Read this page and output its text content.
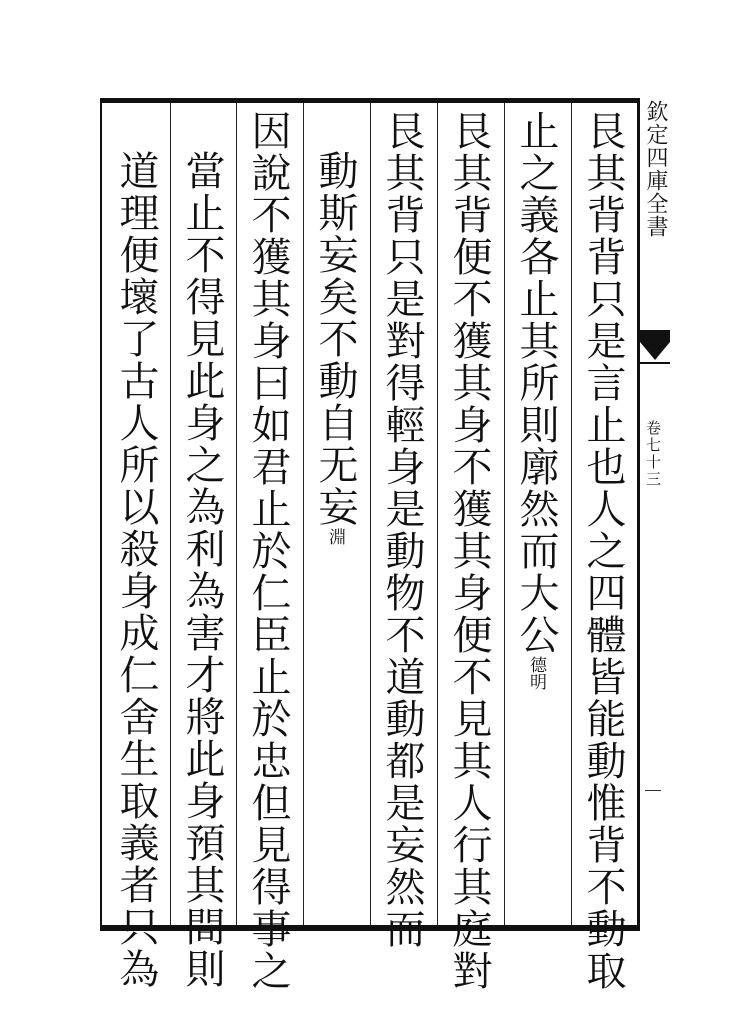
艮其背背只是言止也人之四體皆能動惟背不動取
止之義各止其所則廓然而大公德明
艮其背便不獲其身不獲其身便不見其人行其庭對
艮其背只是對得輕身是動物不道動都是妄然而
動斯妄矣不動自无妄淵
因說不獲其身曰如君止於仁臣止於忠但見得事之
當止不得見此身之為利為害才將此身預其間則
道理便壞了古人所以殺身成仁舍生取義者只為	欽定四庫全書
卷七十三
